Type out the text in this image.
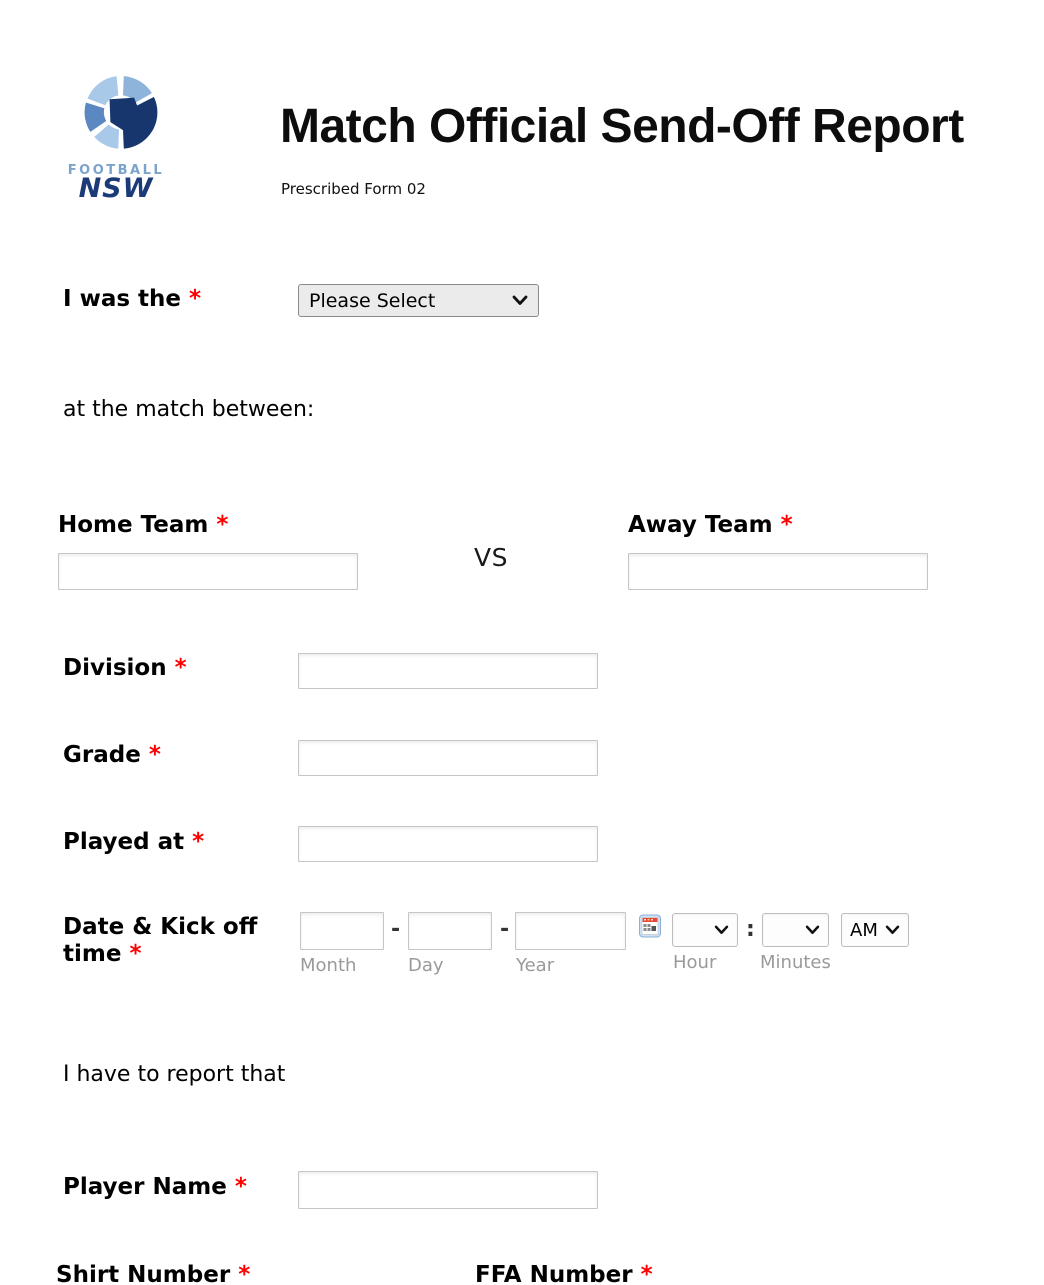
FOOTBALL
NSW
Match Official Send-Off Report
Prescribed Form 02
I was the *	Please Select
at the match between:
Home Team *
VS
Away Team *
Division *
Grade *
Played at *
Date & Kick off
time *
-	-	:	AM
Month	Day	Year	Hour Minutes
I have to report that
Player Name *
Shirt Number *	FFA Number *
